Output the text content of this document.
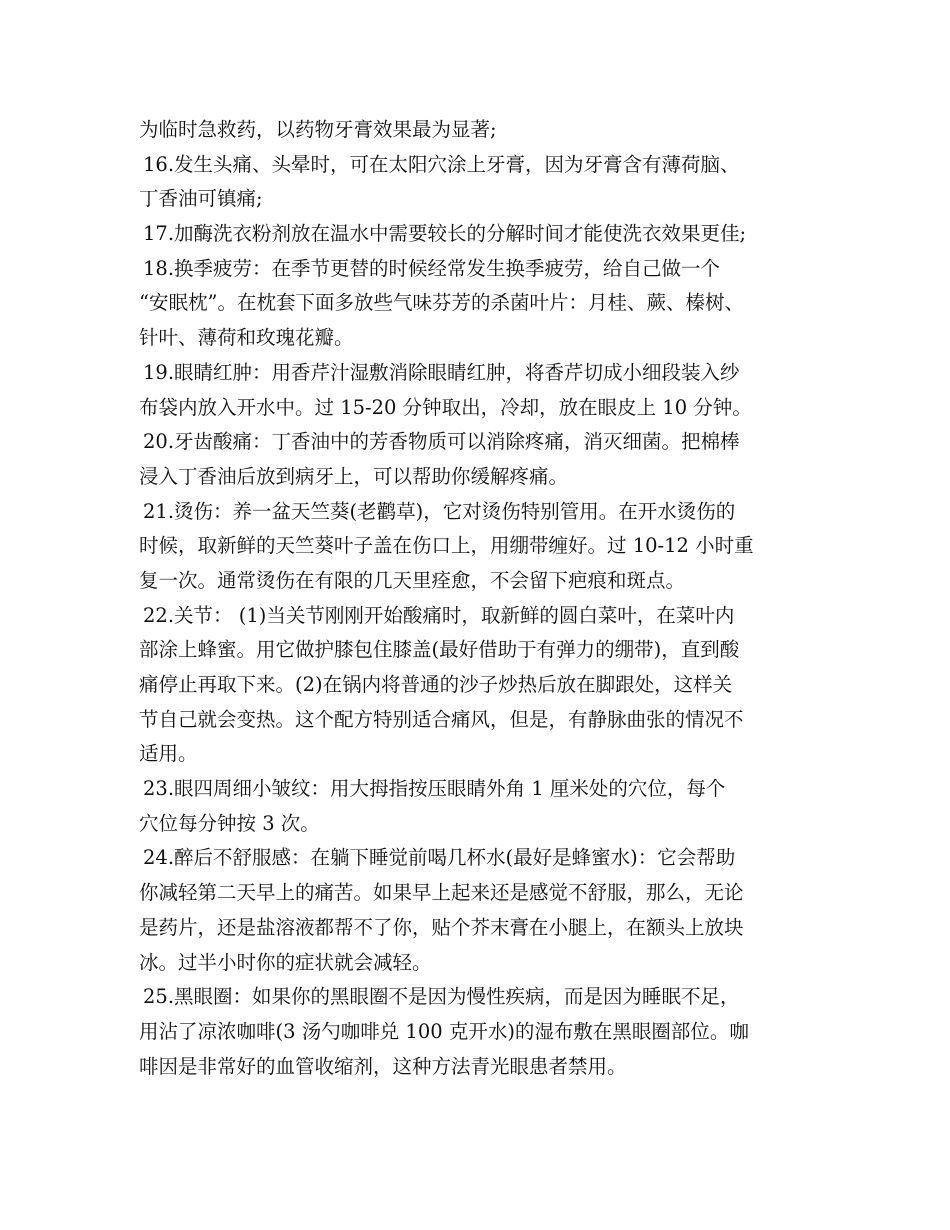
为临时急救药，以药物牙膏效果最为显著;
16.发生头痛、头晕时，可在太阳穴涂上牙膏，因为牙膏含有薄荷脑、
丁香油可镇痛;
17.加酶洗衣粉剂放在温水中需要较长的分解时间才能使洗衣效果更佳;
18.换季疲劳：在季节更替的时候经常发生换季疲劳，给自己做一个
“安眠枕”。在枕套下面多放些气味芬芳的杀菌叶片：月桂、蕨、榛树、
针叶、薄荷和玫瑰花瓣。
19.眼睛红肿：用香芹汁湿敷消除眼睛红肿，将香芹切成小细段装入纱
布袋内放入开水中。过 15-20 分钟取出，冷却，放在眼皮上 10 分钟。
20.牙齿酸痛：丁香油中的芳香物质可以消除疼痛，消灭细菌。把棉棒
浸入丁香油后放到病牙上，可以帮助你缓解疼痛。
21.烫伤：养一盆天竺葵(老鹳草)，它对烫伤特别管用。在开水烫伤的
时候，取新鲜的天竺葵叶子盖在伤口上，用绷带缠好。过 10-12 小时重
复一次。通常烫伤在有限的几天里痊愈，不会留下疤痕和斑点。
22.关节： (1)当关节刚刚开始酸痛时，取新鲜的圆白菜叶，在菜叶内
部涂上蜂蜜。用它做护膝包住膝盖(最好借助于有弹力的绷带)，直到酸
痛停止再取下来。(2)在锅内将普通的沙子炒热后放在脚跟处，这样关
节自己就会变热。这个配方特别适合痛风，但是，有静脉曲张的情况不
适用。
23.眼四周细小皱纹：用大拇指按压眼睛外角 1 厘米处的穴位，每个
穴位每分钟按 3 次。
24.醉后不舒服感：在躺下睡觉前喝几杯水(最好是蜂蜜水)：它会帮助
你减轻第二天早上的痛苦。如果早上起来还是感觉不舒服，那么，无论
是药片，还是盐溶液都帮不了你，贴个芥末膏在小腿上，在额头上放块
冰。过半小时你的症状就会减轻。
25.黑眼圈：如果你的黑眼圈不是因为慢性疾病，而是因为睡眠不足，
用沾了凉浓咖啡(3 汤勺咖啡兑 100 克开水)的湿布敷在黑眼圈部位。咖
啡因是非常好的血管收缩剂，这种方法青光眼患者禁用。
